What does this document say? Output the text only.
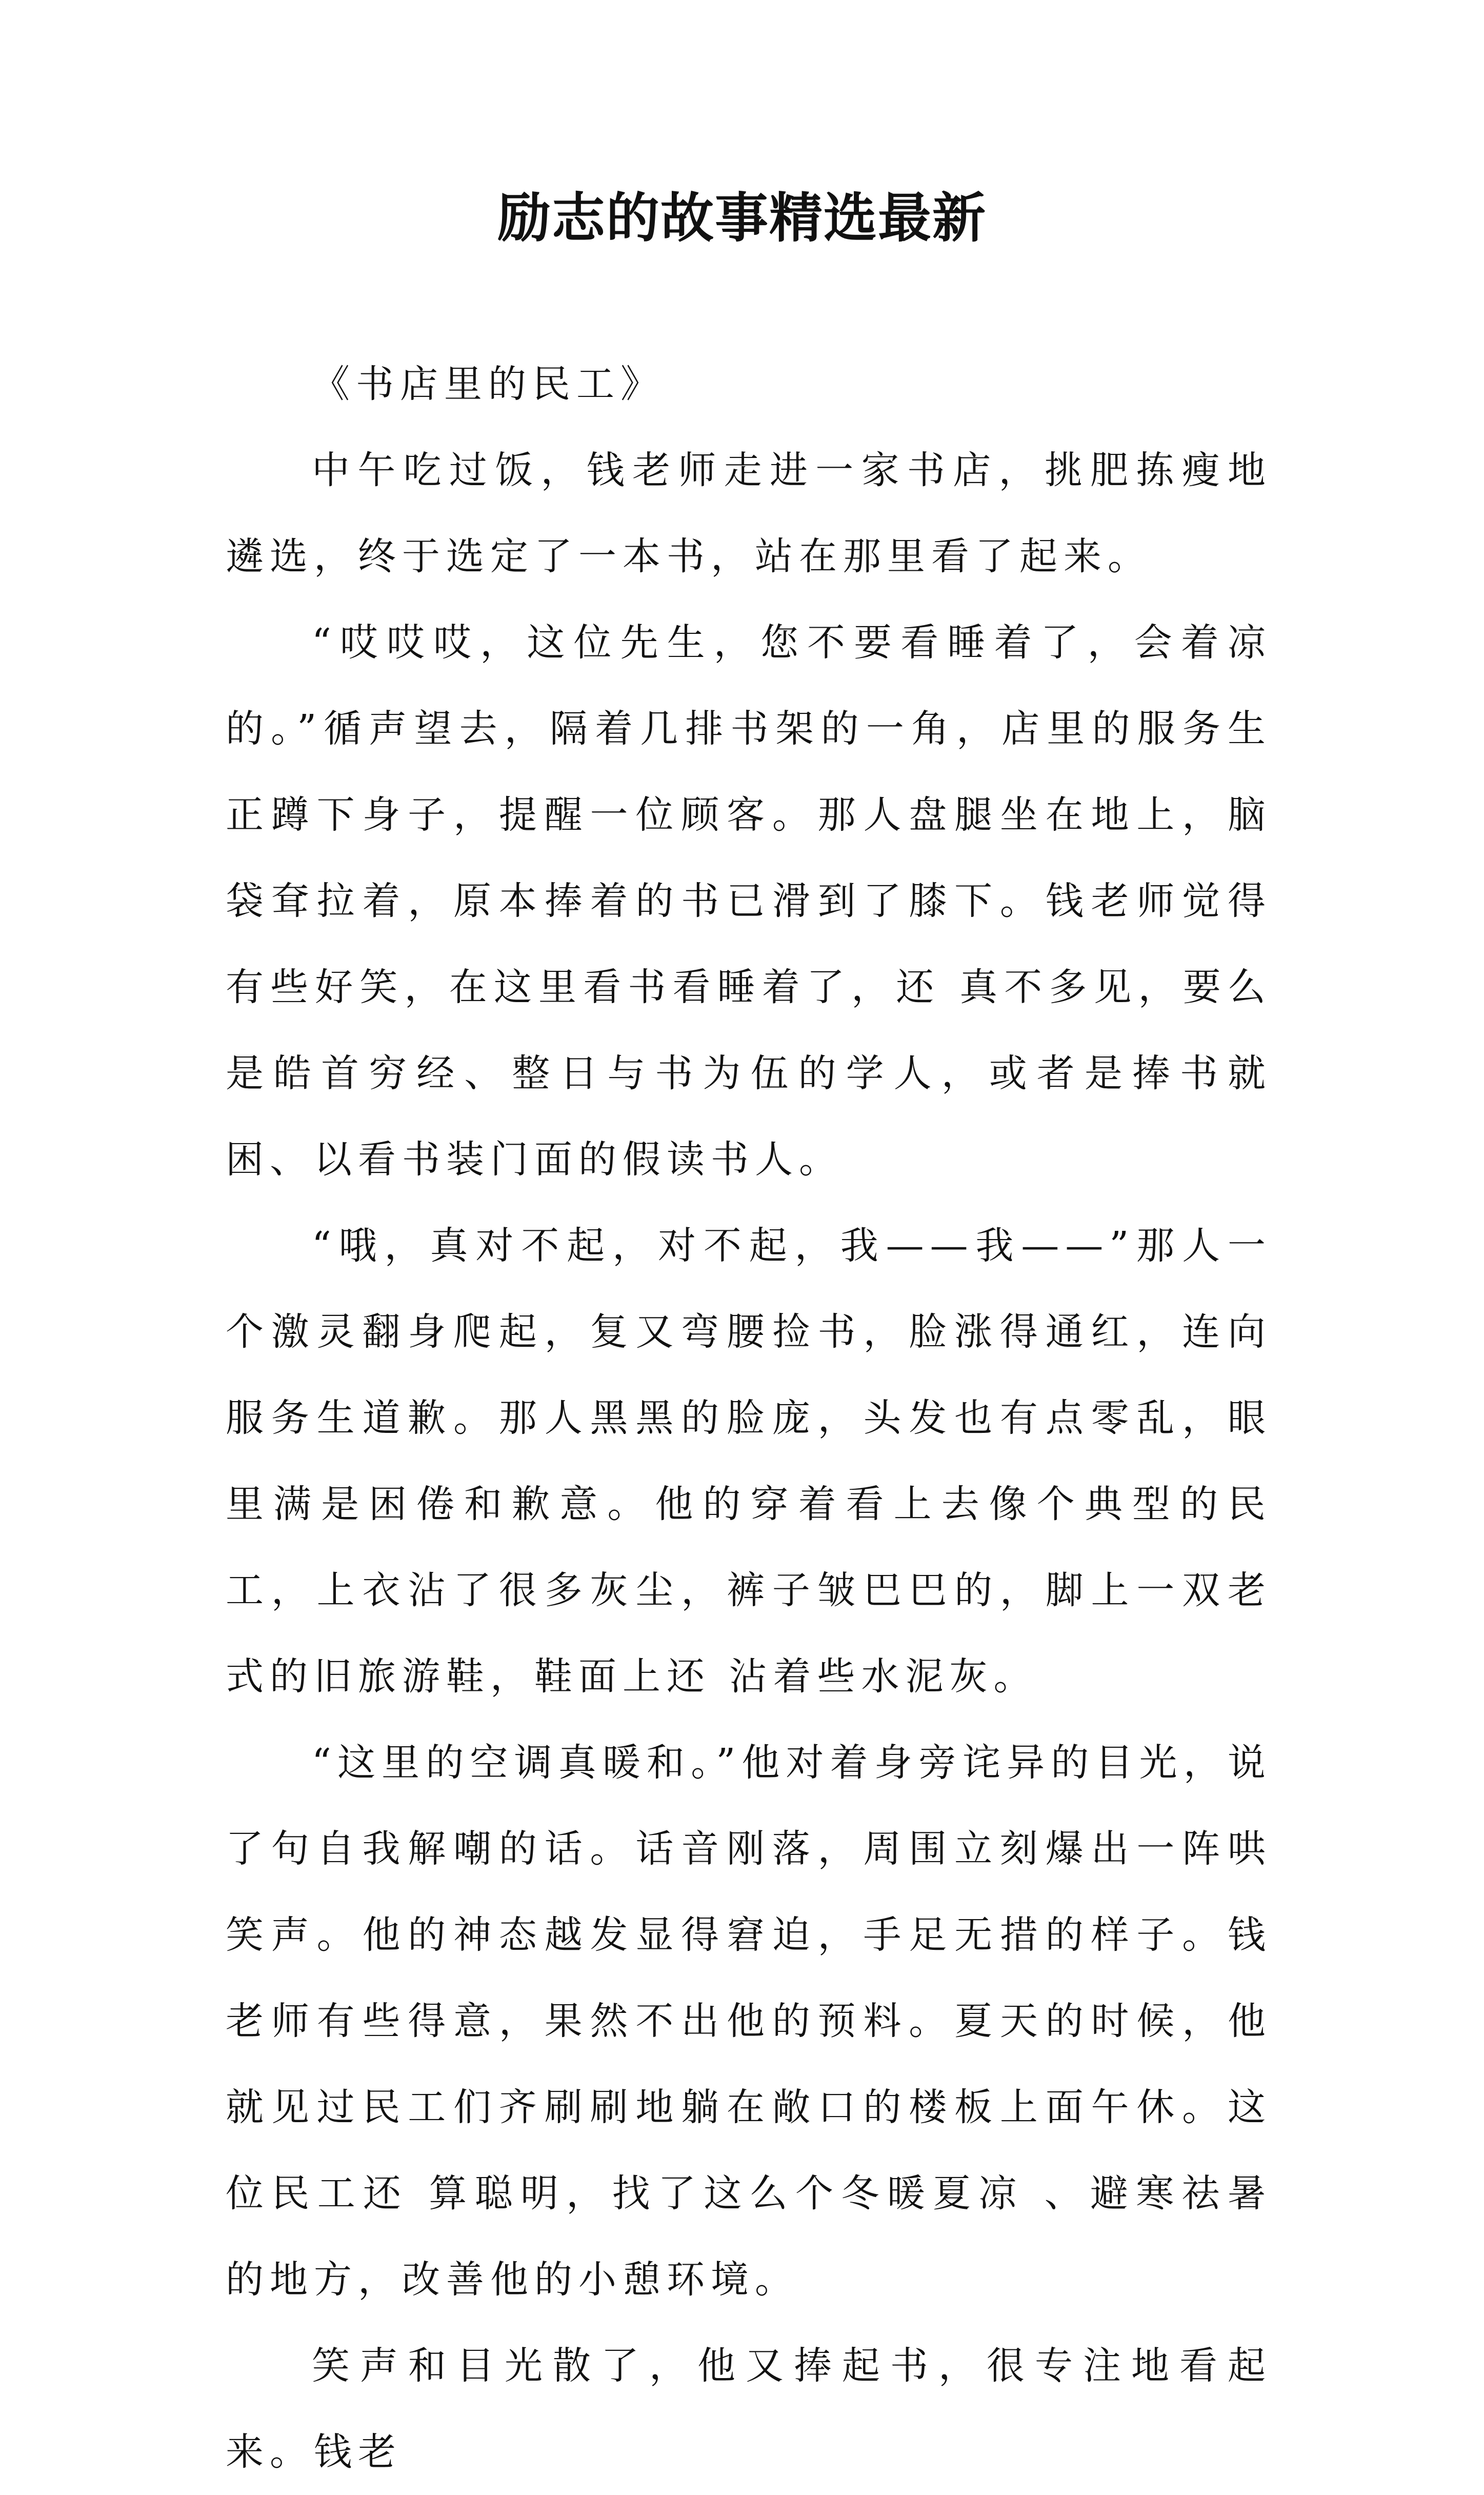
励志的故事精选最新

《书店里的民工》

中午吃过饭，钱老师走进一家书店，挑肥拣瘦地遴选，终于选定了一本书，站在那里看了起来。

“哎哎哎，这位先生，您不要看睡着了，会着凉的。”循声望去，隔着几排书架的一角，店里的服务生正蹲下身子，提醒一位顾客。那人盘腿坐在地上，脑袋耷拉着，原本捧着的书已滑到了膝下。钱老师觉得有些好笑，在这里看书看睡着了，还 真不多见，要么是皓首穷经、整日与书为伍的学人，或者是捧书就困、以看书装门面的假读书人。

“哦，真对不起，对不起，我——我——”那人一个激灵翻身爬起，复又弯腰捡书，脸涨得通红，连向服务生道歉。那人黑黑的脸庞，头发也有点零乱，眼里满是困倦和歉意。他的穿着看上去像个典型的民工，上衣沾了很多灰尘，裤子皱巴巴的，脚上一双老式的旧旅游鞋，鞋面上还 沾着些水泥灰。

“这里的空调真暖和。”他对着身旁诧异的目光，说了句自我解嘲的话。话音刚落，周围立刻爆出一阵哄笑声。他的神态越发显得窘迫，手足无措的样子。钱老师有些得意，果然不出他的预料。夏天的时候，他就见过民工们齐刷刷地躺在敞口的楼板上面午休。这位民工还 算聪明，找了这么个冬暖夏凉 、避寒祛暑的地方，改善他的小憩环境。

笑声和目光散了，他又捧起书，很专注地看起来。钱老
